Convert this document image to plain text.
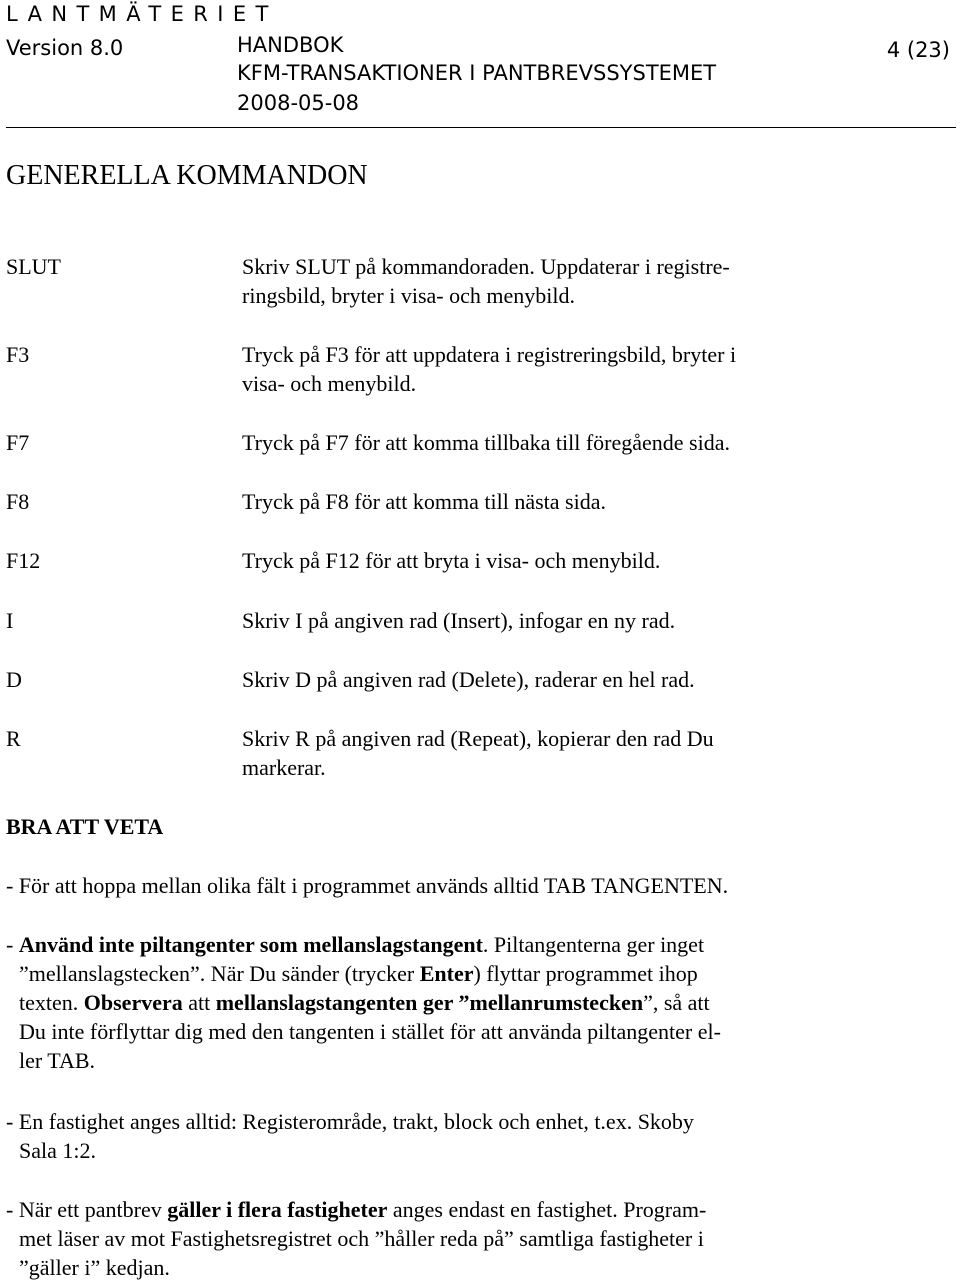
LANTMÄTERIET
Version 8.0	HANDBOK
KFM-TRANSAKTIONER I PANTBREVSSYSTEMET
2008-05-08
4 (23)
GENERELLA KOMMANDON
SLUT	Skriv SLUT på kommandoraden. Uppdaterar i registre-
ringsbild, bryter i visa- och menybild.
F3	Tryck på F3 för att uppdatera i registreringsbild, bryter i
visa- och menybild.
F7	Tryck på F7 för att komma tillbaka till föregående sida.
F8	Tryck på F8 för att komma till nästa sida.
F12	Tryck på F12 för att bryta i visa- och menybild.
I	Skriv I på angiven rad (Insert), infogar en ny rad.
D	Skriv D på angiven rad (Delete), raderar en hel rad.
R	Skriv R på angiven rad (Repeat), kopierar den rad Du
markerar.
BRA ATT VETA
- För att hoppa mellan olika fält i programmet används alltid TAB TANGENTEN.
- Använd inte piltangenter som mellanslagstangent. Piltangenterna ger inget
”mellanslagstecken”. När Du sänder (trycker Enter) flyttar programmet ihop
texten. Observera att mellanslagstangenten ger ”mellanrumstecken”, så att
Du inte förflyttar dig med den tangenten i stället för att använda piltangenter el-
ler TAB.
- En fastighet anges alltid: Registerområde, trakt, block och enhet, t.ex. Skoby
Sala 1:2.
- När ett pantbrev gäller i flera fastigheter anges endast en fastighet. Program-
met läser av mot Fastighetsregistret och ”håller reda på” samtliga fastigheter i
”gäller i” kedjan.
